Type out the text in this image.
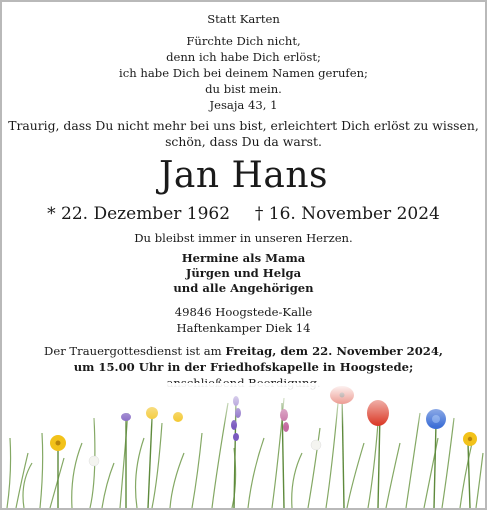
Statt Karten
Fürchte Dich nicht,
denn ich habe Dich erlöst;
ich habe Dich bei deinem Namen gerufen;
du bist mein.
Jesaja 43, 1
Traurig, dass Du nicht mehr bei uns bist, erleichtert Dich erlöst zu wissen,
schön, dass Du da warst.
Jan Hans
* 22. Dezember 1962 † 16. November 2024
Du bleibst immer in unseren Herzen.
Hermine als Mama
Jürgen und Helga
und alle Angehörigen
49846 Hoogstede-Kalle
Haftenkamper Diek 14
Der Trauergottesdienst ist am Freitag, dem 22. November 2024,
um 15.00 Uhr in der Friedhofskapelle in Hoogstede;
